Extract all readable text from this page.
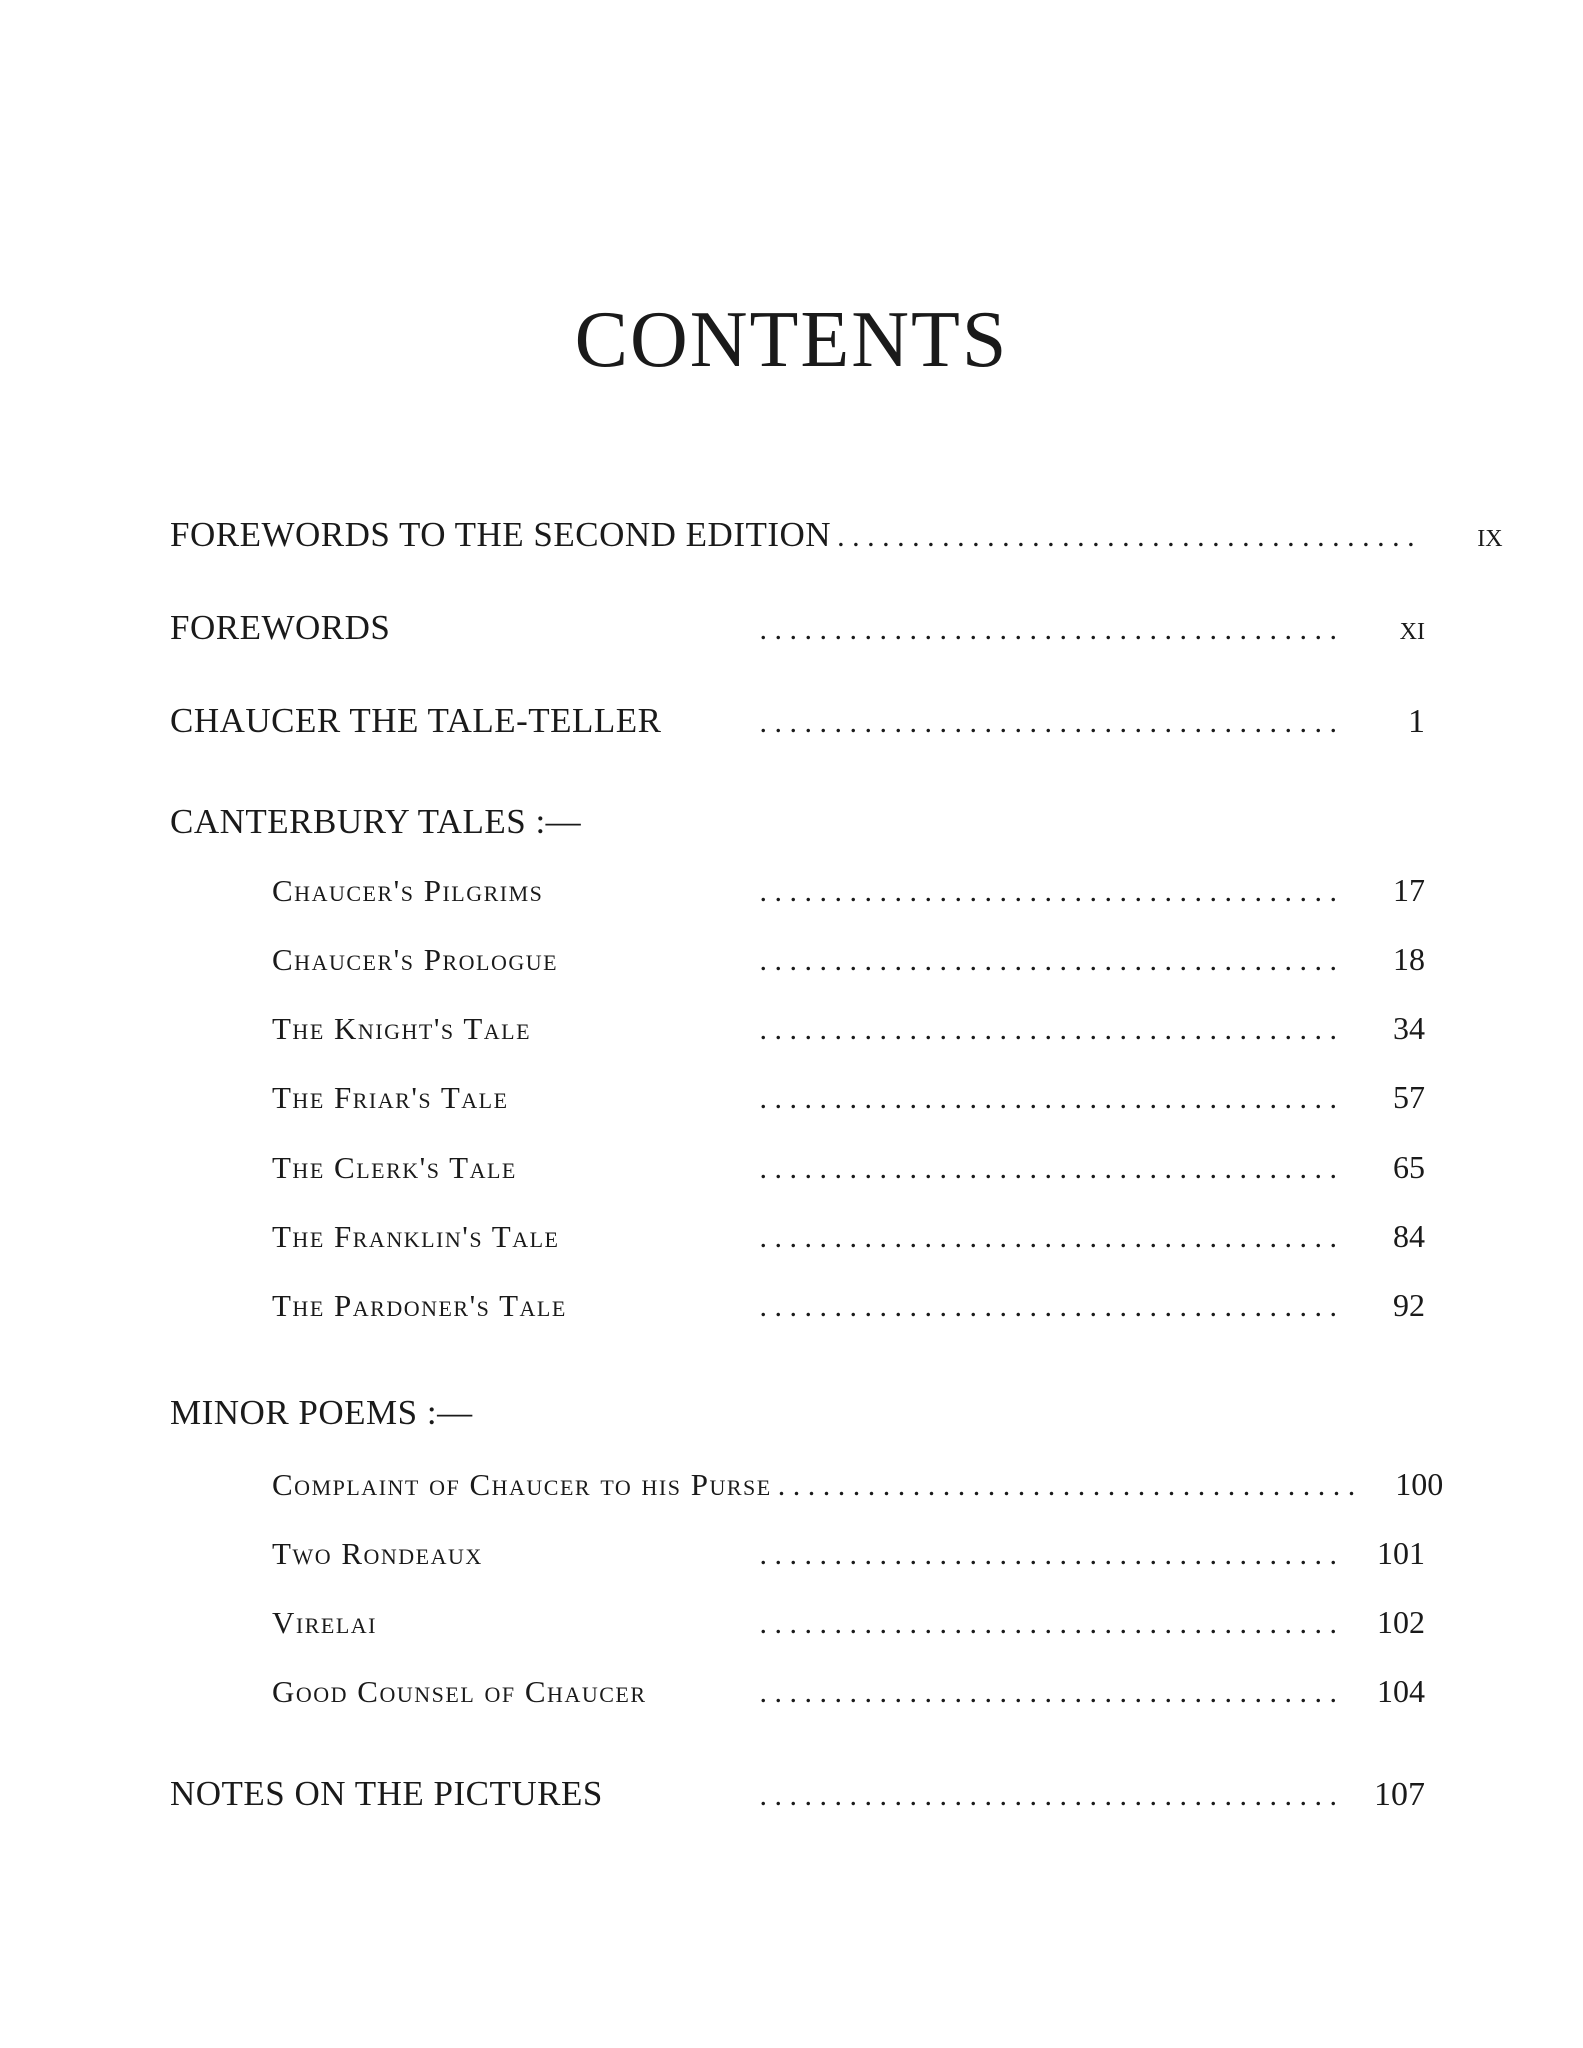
CONTENTS
FOREWORDS TO THE SECOND EDITION . . . . . . . . . . . . . . . . . . . . . . . . . . . . . . . . . . . . . . .	ix
FOREWORDS	. . . . . . . . . . . . . . . . . . . . . . . . . . . . . . . . . . . . . . .	xi
CHAUCER THE TALE-TELLER	. . . . . . . . . . . . . . . . . . . . . . . . . . . . . . . . . . . . . . .	1
CANTERBURY TALES :—
Chaucer's Pilgrims	. . . . . . . . . . . . . . . . . . . . . . . . . . . . . . . . . . . . . . .	17
Chaucer's Prologue	. . . . . . . . . . . . . . . . . . . . . . . . . . . . . . . . . . . . . . .	18
The Knight's Tale	. . . . . . . . . . . . . . . . . . . . . . . . . . . . . . . . . . . . . . .	34
The Friar's Tale	. . . . . . . . . . . . . . . . . . . . . . . . . . . . . . . . . . . . . . .	57
The Clerk's Tale	. . . . . . . . . . . . . . . . . . . . . . . . . . . . . . . . . . . . . . .	65
The Franklin's Tale	. . . . . . . . . . . . . . . . . . . . . . . . . . . . . . . . . . . . . . .	84
The Pardoner's Tale	. . . . . . . . . . . . . . . . . . . . . . . . . . . . . . . . . . . . . . .	92
MINOR POEMS :—
Complaint of Chaucer to his Purse . . . . . . . . . . . . . . . . . . . . . . . . . . . . . . . . . . . . . . .	100
Two Rondeaux	. . . . . . . . . . . . . . . . . . . . . . . . . . . . . . . . . . . . . . .	101
Virelai	. . . . . . . . . . . . . . . . . . . . . . . . . . . . . . . . . . . . . . .	102
Good Counsel of Chaucer	. . . . . . . . . . . . . . . . . . . . . . . . . . . . . . . . . . . . . . .	104
NOTES ON THE PICTURES	. . . . . . . . . . . . . . . . . . . . . . . . . . . . . . . . . . . . . . .	107
